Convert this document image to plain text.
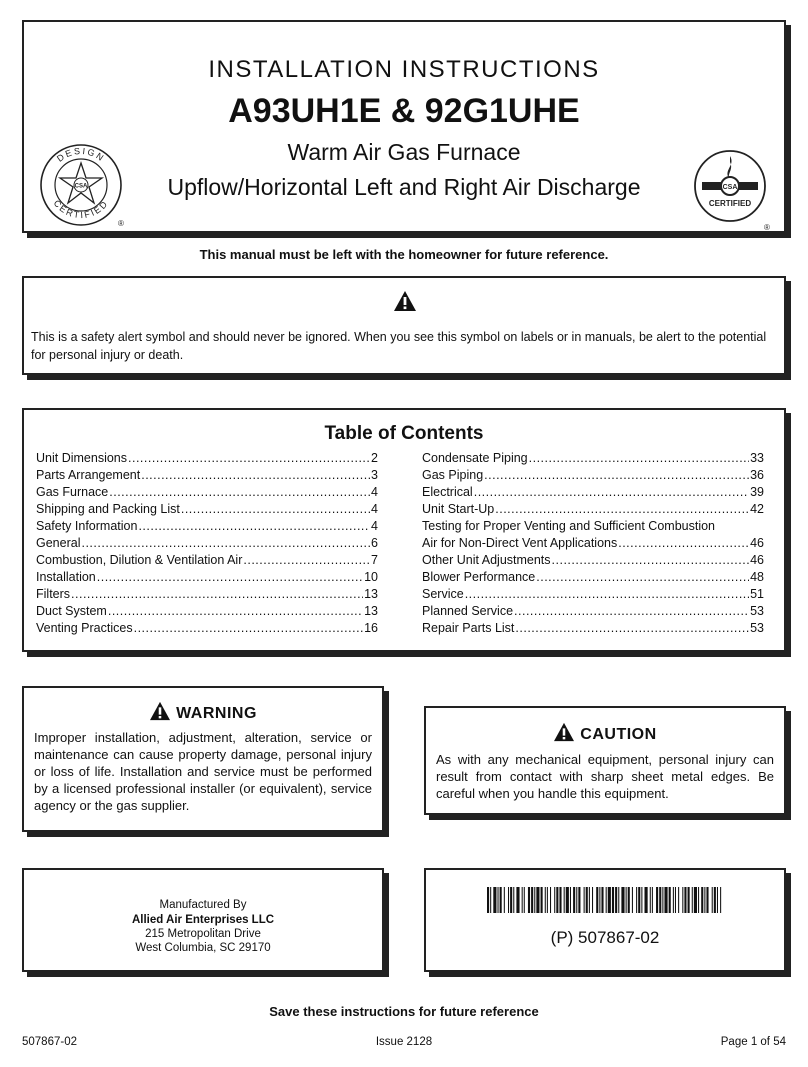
INSTALLATION INSTRUCTIONS
A93UH1E & 92G1UHE
Warm Air Gas Furnace
Upflow/Horizontal Left and Right Air Discharge
DESIGN
CERTIFIED
CSA
®
CSA
CERTIFIED
®
This manual must be left with the homeowner for future reference.
This is a safety alert symbol and should never be ignored. When you see this symbol on labels or in manuals, be alert to the potential for personal injury or death.
Table of Contents
Unit Dimensions .....	2
Parts Arrangement .....	3
Gas Furnace .....	4
Shipping and Packing List .....	4
Safety Information .....	4
General .....	6
Combustion, Dilution & Ventilation Air .....	7
Installation .....	10
Filters .....	13
Duct System .....	13
Venting Practices .....	16
Condensate Piping .....	33
Gas Piping .....	36
Electrical .....	39
Unit Start-Up .....	42
Testing for Proper Venting and Sufficient Combustion
Air for Non-Direct Vent Applications .....	46
Other Unit Adjustments .....	46
Blower Performance .....	48
Service .....	51
Planned Service .....	53
Repair Parts List .....	53
WARNING
Improper installation, adjustment, alteration, service or maintenance can cause property damage, personal injury or loss of life. Installation and service must be performed by a licensed professional installer (or equivalent), service agency or the gas supplier.
CAUTION
As with any mechanical equipment, personal injury can result from contact with sharp sheet metal edges. Be careful when you handle this equipment.
Manufactured By
Allied Air Enterprises LLC
215 Metropolitan Drive
West Columbia, SC 29170
(P) 507867-02
Save these instructions for future reference
507867-02	Issue 2128	Page 1 of 54
